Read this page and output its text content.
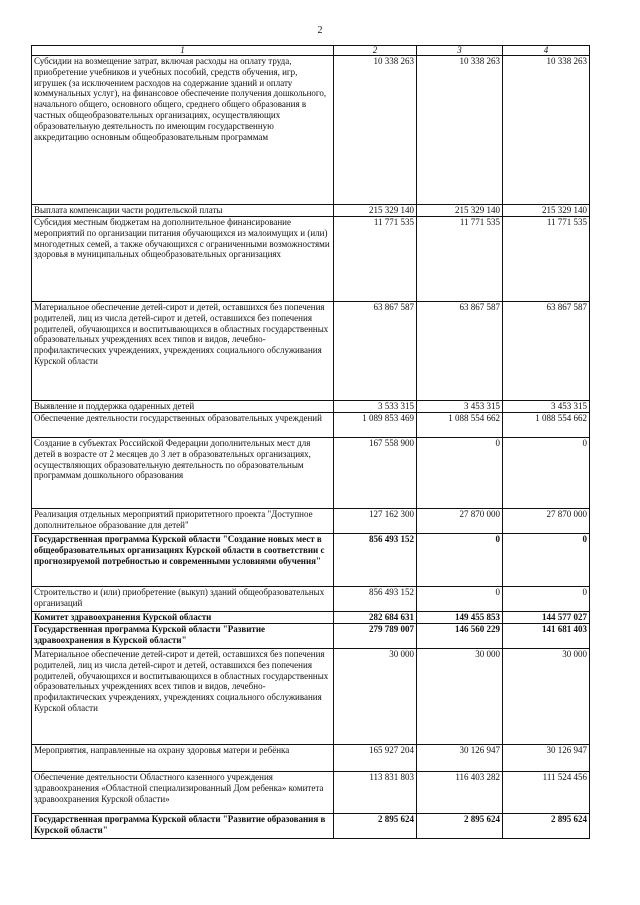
2
1	2	3	4
Субсидии на возмещение затрат, включая расходы на оплату труда, приобретение учебников и учебных пособий, средств обучения, игр, игрушек (за исключением расходов на содержание зданий и оплату коммунальных услуг), на финансовое обеспечение получения дошкольного, начального общего, основного общего, среднего общего образования в частных общеобразовательных организациях, осуществляющих образовательную деятельность по имеющим государственную аккредитацию основным общеобразовательным программам	10 338 263	10 338 263	10 338 263
Выплата компенсации части родительской платы	215 329 140	215 329 140	215 329 140
Субсидия местным бюджетам на дополнительное финансирование мероприятий по организации питания обучающихся из малоимущих и (или) многодетных семей, а также обучающихся с ограниченными возможностями здоровья в муниципальных общеобразовательных организациях	11 771 535	11 771 535	11 771 535
Материальное обеспечение детей-сирот и детей, оставшихся без попечения родителей, лиц из числа детей-сирот и детей, оставшихся без попечения родителей, обучающихся и воспитывающихся в областных государственных образовательных учреждениях всех типов и видов, лечебно-профилактических учреждениях, учреждениях социального обслуживания Курской области	63 867 587	63 867 587	63 867 587
Выявление и поддержка одаренных детей	3 533 315	3 453 315	3 453 315
Обеспечение деятельности государственных образовательных учреждений	1 089 853 469	1 088 554 662	1 088 554 662
Создание в субъектах Российской Федерации дополнительных мест для детей в возрасте от 2 месяцев до 3 лет в образовательных организациях, осуществляющих образовательную деятельность по образовательным программам дошкольного образования	167 558 900	0	0
Реализация отдельных мероприятий приоритетного проекта "Доступное дополнительное образование для детей"	127 162 300	27 870 000	27 870 000
Государственная программа Курской области "Создание новых мест в общеобразовательных организациях Курской области в соответствии с прогнозируемой потребностью и современными условиями обучения"	856 493 152	0	0
Строительство и (или) приобретение (выкуп) зданий общеобразовательных организаций	856 493 152	0	0
Комитет здравоохранения Курской области	282 684 631	149 455 853	144 577 027
Государственная программа Курской области "Развитие здравоохранения в Курской области"	279 789 007	146 560 229	141 681 403
Материальное обеспечение детей-сирот и детей, оставшихся без попечения родителей, лиц из числа детей-сирот и детей, оставшихся без попечения родителей, обучающихся и воспитывающихся в областных государственных образовательных учреждениях всех типов и видов, лечебно-профилактических учреждениях, учреждениях социального обслуживания Курской области	30 000	30 000	30 000
Мероприятия, направленные на охрану здоровья матери и ребёнка	165 927 204	30 126 947	30 126 947
Обеспечение деятельности Областного казенного учреждения здравоохранения «Областной специализированный Дом ребенка» комитета здравоохранения Курской области»	113 831 803	116 403 282	111 524 456
Государственная программа Курской области "Развитие образования в Курской области"	2 895 624	2 895 624	2 895 624
